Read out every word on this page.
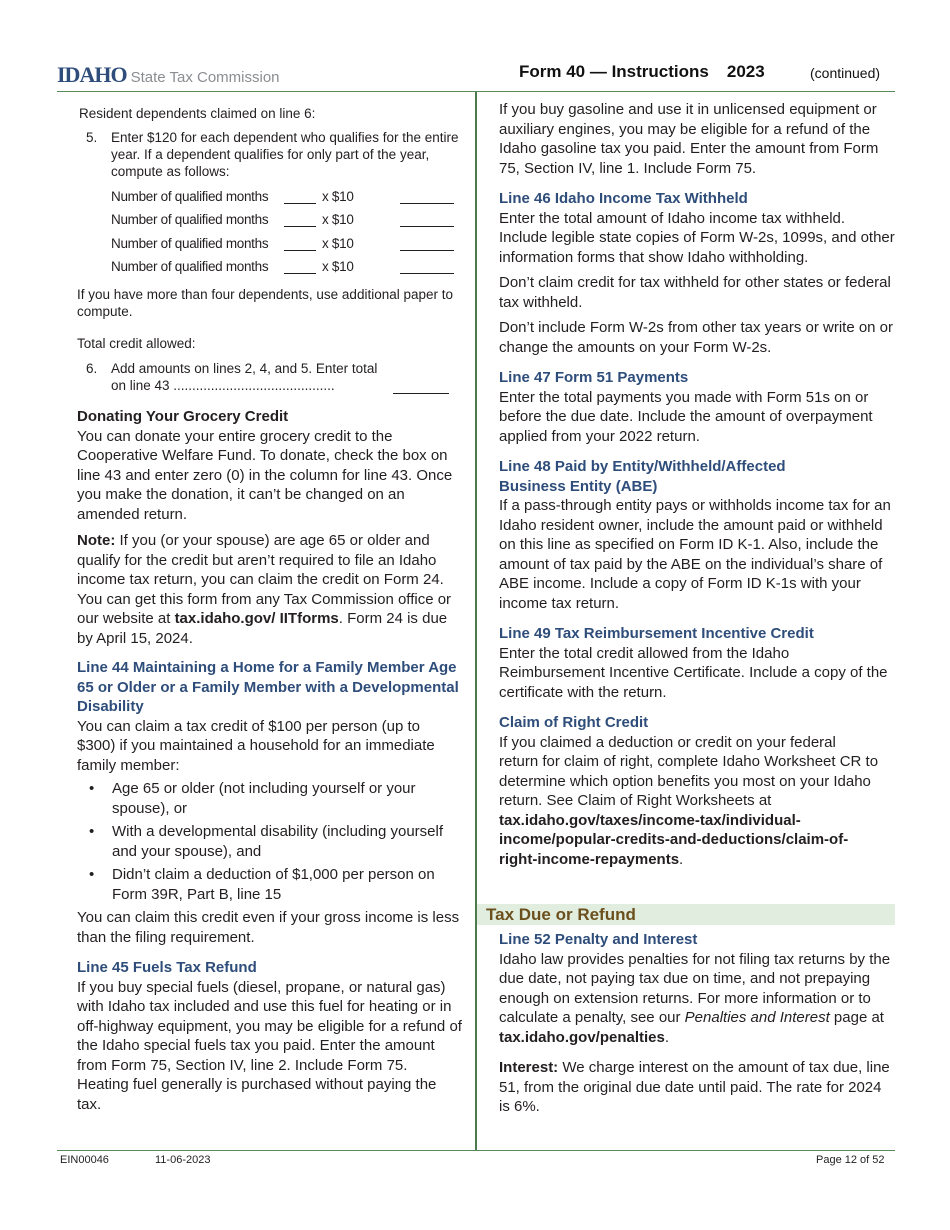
IDAHO State Tax Commission	Form 40 — Instructions 2023	(continued)

Resident dependents claimed on line 6:

5. Enter $120 for each dependent who qualifies for the entire year. If a dependent qualifies for only part of the year, compute as follows:

Number of qualified months	x $10
Number of qualified months	x $10
Number of qualified months	x $10
Number of qualified months	x $10

If you have more than four dependents, use additional paper to compute.

Total credit allowed:

6. Add amounts on lines 2, 4, and 5. Enter total on line 43 ...........................................

Donating Your Grocery Credit

You can donate your entire grocery credit to the Cooperative Welfare Fund. To donate, check the box on line 43 and enter zero (0) in the column for line 43. Once you make the donation, it can’t be changed on an amended return.

Note: If you (or your spouse) are age 65 or older and qualify for the credit but aren’t required to file an Idaho income tax return, you can claim the credit on Form 24. You can get this form from any Tax Commission office or our website at tax.idaho.gov/ IITforms. Form 24 is due by April 15, 2024.

Line 44 Maintaining a Home for a Family Member Age 65 or Older or a Family Member with a Developmental Disability

You can claim a tax credit of $100 per person (up to $300) if you maintained a household for an immediate family member:

• Age 65 or older (not including yourself or your spouse), or
• With a developmental disability (including yourself and your spouse), and
• Didn’t claim a deduction of $1,000 per person on Form 39R, Part B, line 15

You can claim this credit even if your gross income is less than the filing requirement.

Line 45 Fuels Tax Refund

If you buy special fuels (diesel, propane, or natural gas) with Idaho tax included and use this fuel for heating or in off-highway equipment, you may be eligible for a refund of the Idaho special fuels tax you paid. Enter the amount from Form 75, Section IV, line 2. Include Form 75. Heating fuel generally is purchased without paying the tax.

If you buy gasoline and use it in unlicensed equipment or auxiliary engines, you may be eligible for a refund of the Idaho gasoline tax you paid. Enter the amount from Form 75, Section IV, line 1. Include Form 75.

Line 46 Idaho Income Tax Withheld

Enter the total amount of Idaho income tax withheld. Include legible state copies of Form W-2s, 1099s, and other information forms that show Idaho withholding.

Don’t claim credit for tax withheld for other states or federal tax withheld.

Don’t include Form W-2s from other tax years or write on or change the amounts on your Form W-2s.

Line 47 Form 51 Payments

Enter the total payments you made with Form 51s on or before the due date. Include the amount of overpayment applied from your 2022 return.

Line 48 Paid by Entity/Withheld/Affected Business Entity (ABE)

If a pass-through entity pays or withholds income tax for an Idaho resident owner, include the amount paid or withheld on this line as specified on Form ID K-1. Also, include the amount of tax paid by the ABE on the individual’s share of ABE income. Include a copy of Form ID K-1s with your income tax return.

Line 49 Tax Reimbursement Incentive Credit

Enter the total credit allowed from the Idaho Reimbursement Incentive Certificate. Include a copy of the certificate with the return.

Claim of Right Credit

If you claimed a deduction or credit on your federal return for claim of right, complete Idaho Worksheet CR to determine which option benefits you most on your Idaho return. See Claim of Right Worksheets at tax.idaho.gov/taxes/income-tax/individual-income/popular-credits-and-deductions/claim-of-right-income-repayments.

Tax Due or Refund

Line 52 Penalty and Interest

Idaho law provides penalties for not filing tax returns by the due date, not paying tax due on time, and not prepaying enough on extension returns. For more information or to calculate a penalty, see our Penalties and Interest page at tax.idaho.gov/penalties.

Interest: We charge interest on the amount of tax due, line 51, from the original due date until paid. The rate for 2024 is 6%.

EIN00046	11-06-2023	Page 12 of 52
